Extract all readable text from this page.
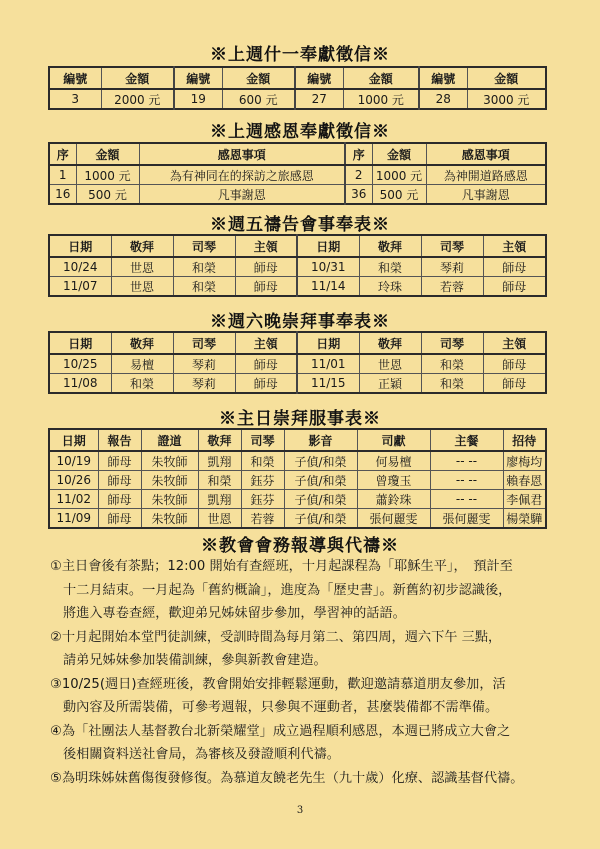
※上週什一奉獻徵信※
編號	金額	編號	金額	編號	金額	編號	金額
3	2000 元	19	600 元	27	1000 元	28	3000 元
※上週感恩奉獻徵信※
序	金額	感恩事項	序	金額	感恩事項
1	1000 元	為有神同在的探訪之旅感恩	2	1000 元	為神開道路感恩
16	500 元	凡事謝恩	36	500 元	凡事謝恩
※週五禱告會事奉表※
日期	敬拜	司琴	主領	日期	敬拜	司琴	主領
10/24	世恩	和榮	師母	10/31	和榮	琴莉	師母
11/07	世恩	和榮	師母	11/14	玲珠	若蓉	師母
※週六晚崇拜事奉表※
日期	敬拜	司琴	主領	日期	敬拜	司琴	主領
10/25	易檀	琴莉	師母	11/01	世恩	和榮	師母
11/08	和榮	琴莉	師母	11/15	正穎	和榮	師母
※主日崇拜服事表※
日期	報告	證道	敬拜	司琴	影音	司獻	主餐	招待
10/19	師母	朱牧師	凱翔	和榮	子偵/和榮	何易檀	-- --	廖梅均
10/26	師母	朱牧師	和榮	鈺芬	子偵/和榮	曾瓊玉	-- --	賴春恩
11/02	師母	朱牧師	凱翔	鈺芬	子偵/和榮	蕭鈴珠	-- --	李佩君
11/09	師母	朱牧師	世恩	若蓉	子偵/和榮	張何麗雯	張何麗雯	楊榮驊
※教會會務報導與代禱※
①主日會後有茶點；12:00 開始有查經班，十月起課程為「耶穌生平」，　預計至
十二月結束。一月起為「舊約概論」，進度為「歷史書」。新舊約初步認識後，
將進入專卷查經，歡迎弟兄姊妹留步參加，學習神的話語。
②十月起開始本堂門徒訓練，受訓時間為每月第二、第四周，週六下午 三點，
請弟兄姊妹參加裝備訓練，參與新教會建造。
③10/25(週日)查經班後，教會開始安排輕鬆運動，歡迎邀請慕道朋友參加，活
動內容及所需裝備，可參考週報，只參與不運動者，甚麼裝備都不需準備。
④為「社團法人基督教台北新榮耀堂」成立過程順利感恩，本週已將成立大會之
後相關資料送社會局，為審核及發證順利代禱。
⑤為明珠姊妹舊傷復發修復。為慕道友饒老先生（九十歲）化療、認識基督代禱。
3
